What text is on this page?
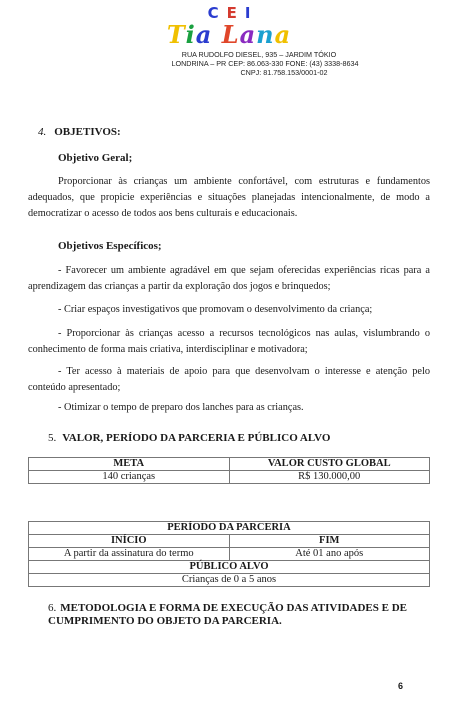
CEI
Tia Lana
RUA RUDOLFO DIESEL, 935 – JARDIM TÓKIO
LONDRINA – PR CEP: 86.063-330 FONE: (43) 3338-8634
CNPJ: 81.758.153/0001-02
4. OBJETIVOS:
Objetivo Geral;
Proporcionar às crianças um ambiente confortável, com estruturas e fundamentos adequados, que propicie experiências e situações planejadas intencionalmente, de modo a democratizar o acesso de todos aos bens culturais e educacionais.
Objetivos Específicos;
- Favorecer um ambiente agradável em que sejam oferecidas experiências ricas para a aprendizagem das crianças a partir da exploração dos jogos e brinquedos;
- Criar espaços investigativos que promovam o desenvolvimento da criança;
- Proporcionar às crianças acesso a recursos tecnológicos nas aulas, vislumbrando o conhecimento de forma mais criativa, interdisciplinar e motivadora;
- Ter acesso à materiais de apoio para que desenvolvam o interesse e atenção pelo conteúdo apresentado;
- Otimizar o tempo de preparo dos lanches para as crianças.
5. VALOR, PERÍODO DA PARCERIA E PÚBLICO ALVO
META	VALOR CUSTO GLOBAL
140 crianças	R$ 130.000,00
PERÍODO DA PARCERIA	
INÍCIO	FIM
A partir da assinatura do termo	Até 01 ano após
PÚBLICO ALVO	
Crianças de 0 a 5 anos	
6. METODOLOGIA E FORMA DE EXECUÇÃO DAS ATIVIDADES E DE CUMPRIMENTO DO OBJETO DA PARCERIA.
6
